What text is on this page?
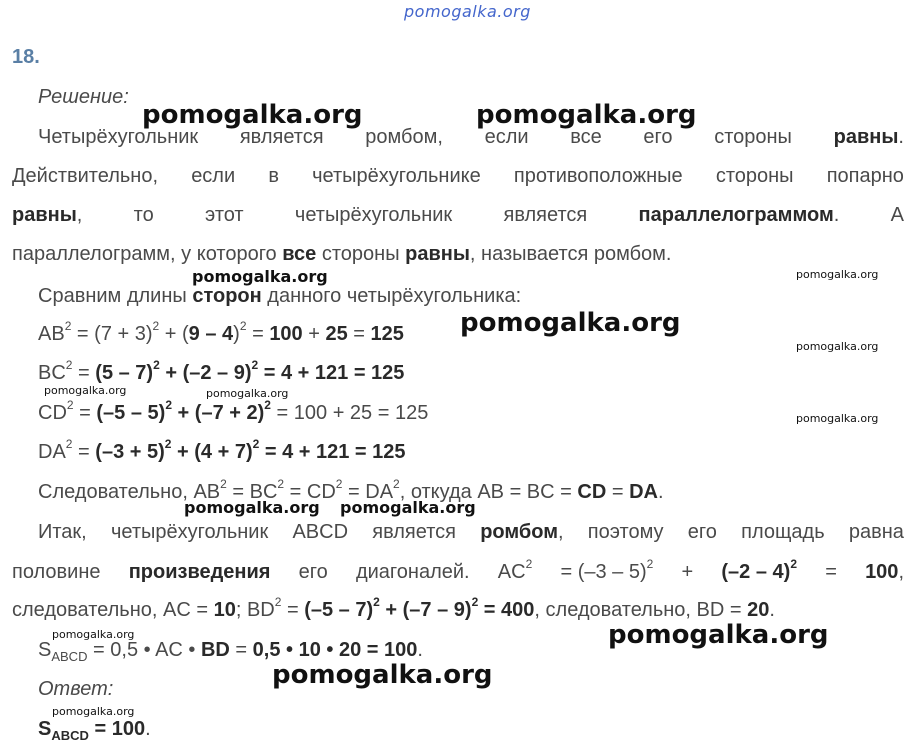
pomogalka.org
pomogalka.org	pomogalka.org
pomogalka.org	pomogalka.org
pomogalka.org
pomogalka.org
pomogalka.org	pomogalka.org
pomogalka.org
pomogalka.org pomogalka.org
pomogalka.org
pomogalka.org
pomogalka.org
pomogalka.org
18.
Решение:
Четырёхугольник является ромбом, если все его стороны равны.
Действительно, если в четырёхугольнике противоположные стороны попарно
равны,	то	этот	четырёхугольник	является	параллелограммом.	А
параллелограмм, у которого все стороны равны, называется ромбом.
Сравним длины сторон данного четырёхугольника:
$AB^2 = (7 + 3)^2 + (9 - 4)^2 = 100 + 25 = 125$
$BC^2 = (5 - 7)^2 + (-2 - 9)^2 = 4 + 121 = 125$
$CD^2 = (-5 - 5)^2 + (-7 + 2)^2 = 100 + 25 = 125$
$DA^2 = (-3 + 5)^2 + (4 + 7)^2 = 4 + 121 = 125$
Следовательно, $AB^2 = BC^2 = CD^2 = DA^2$, откуда AB = BC = CD = DA.
Итак, четырёхугольник ABCD является ромбом, поэтому его площадь равна
половине произведения его диагоналей. $AC^2 = (-3 - 5)^2 + (-2 - 4)^2 = 100$,
следовательно, AC = 10; $BD^2 = (-5 - 7)^2 + (-7 - 9)^2 = 400$, следовательно, BD = 20.
$S_{ABCD} = 0,5$ • AC • BD = 0,5 • 10 • 20 = 100.
Ответ:
$S_{ABCD} = 100$.
